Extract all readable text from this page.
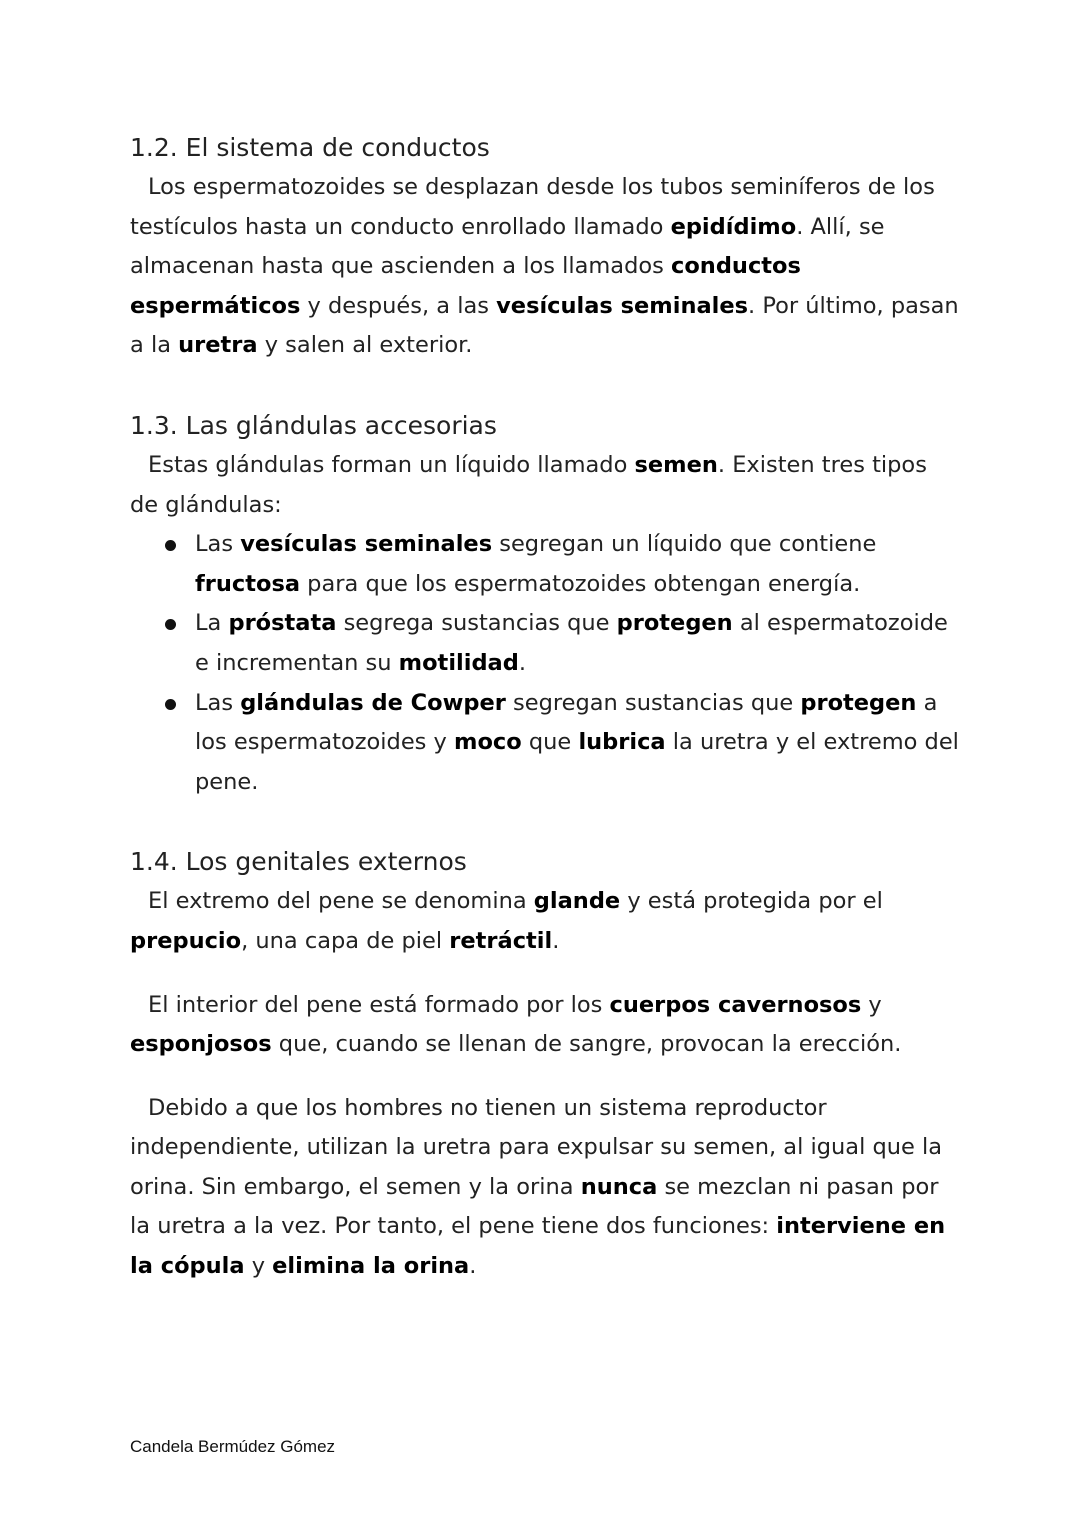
1.2. El sistema de conductos

Los espermatozoides se desplazan desde los tubos seminíferos de los testículos hasta un conducto enrollado llamado epidídimo. Allí, se almacenan hasta que ascienden a los llamados conductos espermáticos y después, a las vesículas seminales. Por último, pasan a la uretra y salen al exterior.

1.3. Las glándulas accesorias

Estas glándulas forman un líquido llamado semen. Existen tres tipos de glándulas:

Las vesículas seminales segregan un líquido que contiene fructosa para que los espermatozoides obtengan energía.
La próstata segrega sustancias que protegen al espermatozoide e incrementan su motilidad.
Las glándulas de Cowper segregan sustancias que protegen a los espermatozoides y moco que lubrica la uretra y el extremo del pene.
1.4. Los genitales externos

El extremo del pene se denomina glande y está protegida por el prepucio, una capa de piel retráctil.

El interior del pene está formado por los cuerpos cavernosos y esponjosos que, cuando se llenan de sangre, provocan la erección.

Debido a que los hombres no tienen un sistema reproductor independiente, utilizan la uretra para expulsar su semen, al igual que la orina. Sin embargo, el semen y la orina nunca se mezclan ni pasan por la uretra a la vez. Por tanto, el pene tiene dos funciones: interviene en la cópula y elimina la orina.

Candela Bermúdez Gómez
